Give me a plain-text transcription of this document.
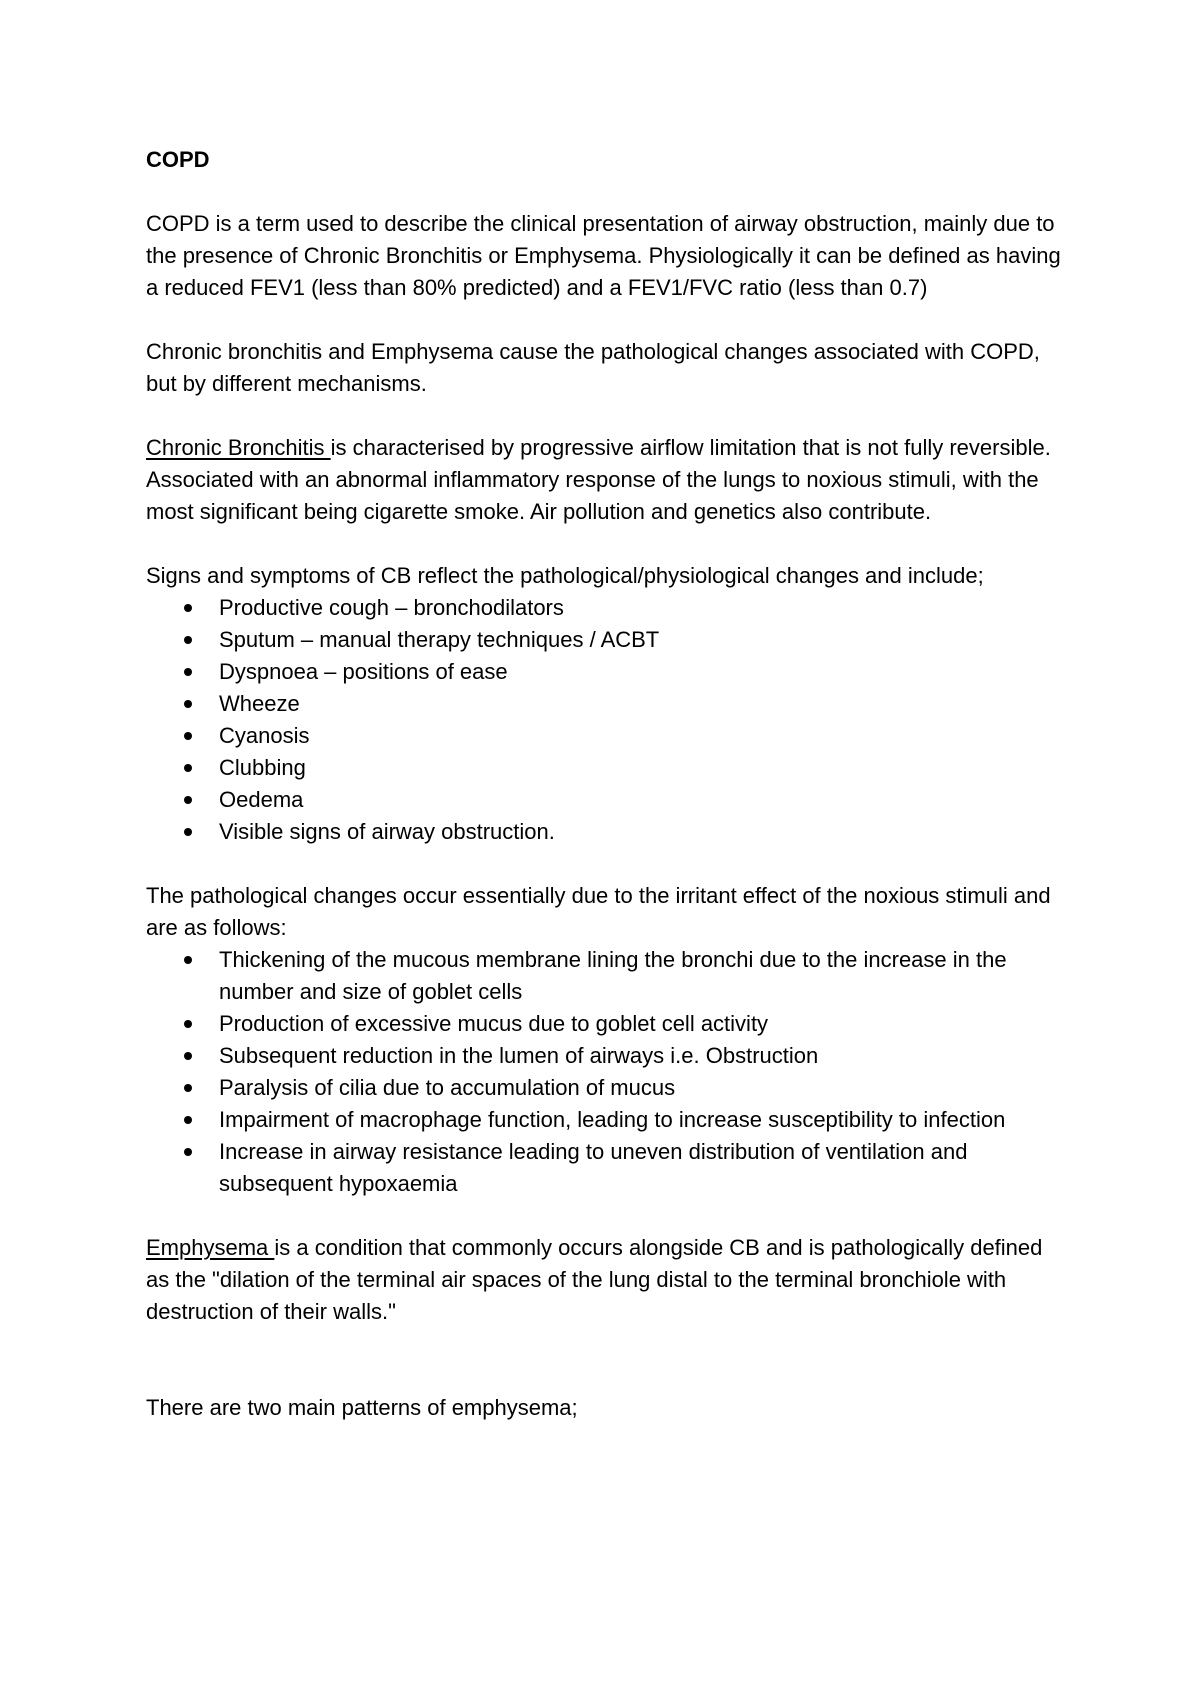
COPD

COPD is a term used to describe the clinical presentation of airway obstruction, mainly due to the presence of Chronic Bronchitis or Emphysema. Physiologically it can be defined as having a reduced FEV1 (less than 80% predicted) and a FEV1/FVC ratio (less than 0.7)

Chronic bronchitis and Emphysema cause the pathological changes associated with COPD, but by different mechanisms.

Chronic Bronchitis is characterised by progressive airflow limitation that is not fully reversible. Associated with an abnormal inflammatory response of the lungs to noxious stimuli, with the most significant being cigarette smoke. Air pollution and genetics also contribute.

Signs and symptoms of CB reflect the pathological/physiological changes and include;

Productive cough – bronchodilators
Sputum – manual therapy techniques / ACBT
Dyspnoea – positions of ease
Wheeze
Cyanosis
Clubbing
Oedema
Visible signs of airway obstruction.

The pathological changes occur essentially due to the irritant effect of the noxious stimuli and are as follows:

Thickening of the mucous membrane lining the bronchi due to the increase in the number and size of goblet cells
Production of excessive mucus due to goblet cell activity
Subsequent reduction in the lumen of airways i.e. Obstruction
Paralysis of cilia due to accumulation of mucus
Impairment of macrophage function, leading to increase susceptibility to infection
Increase in airway resistance leading to uneven distribution of ventilation and subsequent hypoxaemia

Emphysema is a condition that commonly occurs alongside CB and is pathologically defined as the "dilation of the terminal air spaces of the lung distal to the terminal bronchiole with destruction of their walls."

There are two main patterns of emphysema;
